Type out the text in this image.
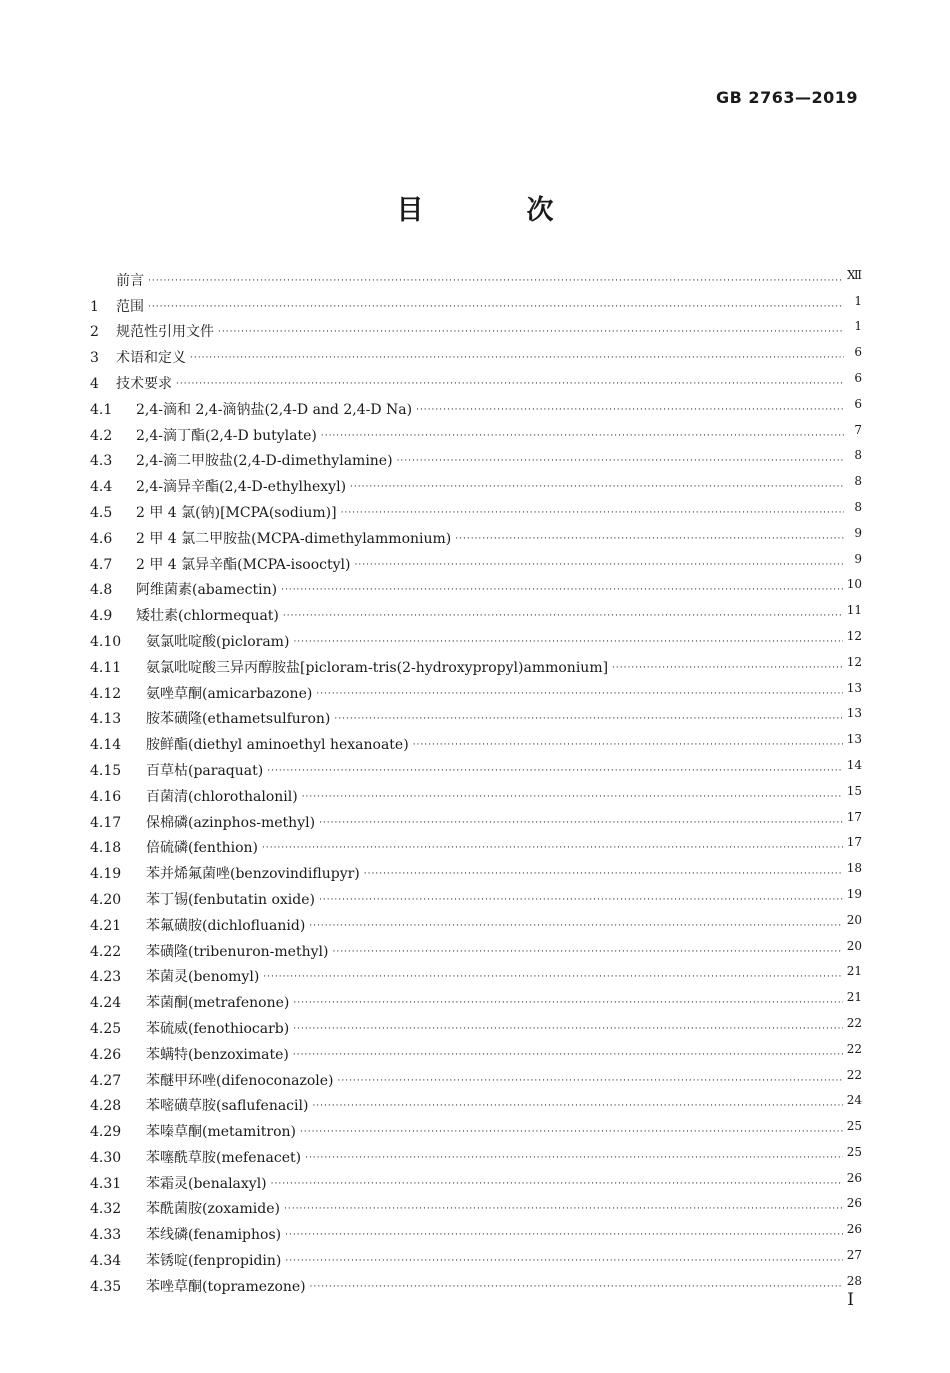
GB 2763—2019
目　次
前言 ·····	Ⅻ
1	范围 ·····	1
2	规范性引用文件 ·····	1
3	术语和定义 ·····	6
4	技术要求 ·····	6
4.1	2,4-滴和 2,4-滴钠盐(2,4-D and 2,4-D Na) ·····	6
4.2	2,4-滴丁酯(2,4-D butylate) ·····	7
4.3	2,4-滴二甲胺盐(2,4-D-dimethylamine) ·····	8
4.4	2,4-滴异辛酯(2,4-D-ethylhexyl) ·····	8
4.5	2 甲 4 氯(钠)[MCPA(sodium)] ·····	8
4.6	2 甲 4 氯二甲胺盐(MCPA-dimethylammonium) ·····	9
4.7	2 甲 4 氯异辛酯(MCPA-isooctyl) ·····	9
4.8	阿维菌素(abamectin) ·····	10
4.9	矮壮素(chlormequat) ·····	11
4.10	氨氯吡啶酸(picloram) ·····	12
4.11	氨氯吡啶酸三异丙醇胺盐[picloram-tris(2-hydroxypropyl)ammonium] ·····	12
4.12	氨唑草酮(amicarbazone) ·····	13
4.13	胺苯磺隆(ethametsulfuron) ·····	13
4.14	胺鲜酯(diethyl aminoethyl hexanoate) ·····	13
4.15	百草枯(paraquat) ·····	14
4.16	百菌清(chlorothalonil) ·····	15
4.17	保棉磷(azinphos-methyl) ·····	17
4.18	倍硫磷(fenthion) ·····	17
4.19	苯并烯氟菌唑(benzovindiflupyr) ·····	18
4.20	苯丁锡(fenbutatin oxide) ·····	19
4.21	苯氟磺胺(dichlofluanid) ·····	20
4.22	苯磺隆(tribenuron-methyl) ·····	20
4.23	苯菌灵(benomyl) ·····	21
4.24	苯菌酮(metrafenone) ·····	21
4.25	苯硫威(fenothiocarb) ·····	22
4.26	苯螨特(benzoximate) ·····	22
4.27	苯醚甲环唑(difenoconazole) ·····	22
4.28	苯嘧磺草胺(saflufenacil) ·····	24
4.29	苯嗪草酮(metamitron) ·····	25
4.30	苯噻酰草胺(mefenacet) ·····	25
4.31	苯霜灵(benalaxyl) ·····	26
4.32	苯酰菌胺(zoxamide) ·····	26
4.33	苯线磷(fenamiphos) ·····	26
4.34	苯锈啶(fenpropidin) ·····	27
4.35	苯唑草酮(topramezone) ·····	28
Ⅰ
